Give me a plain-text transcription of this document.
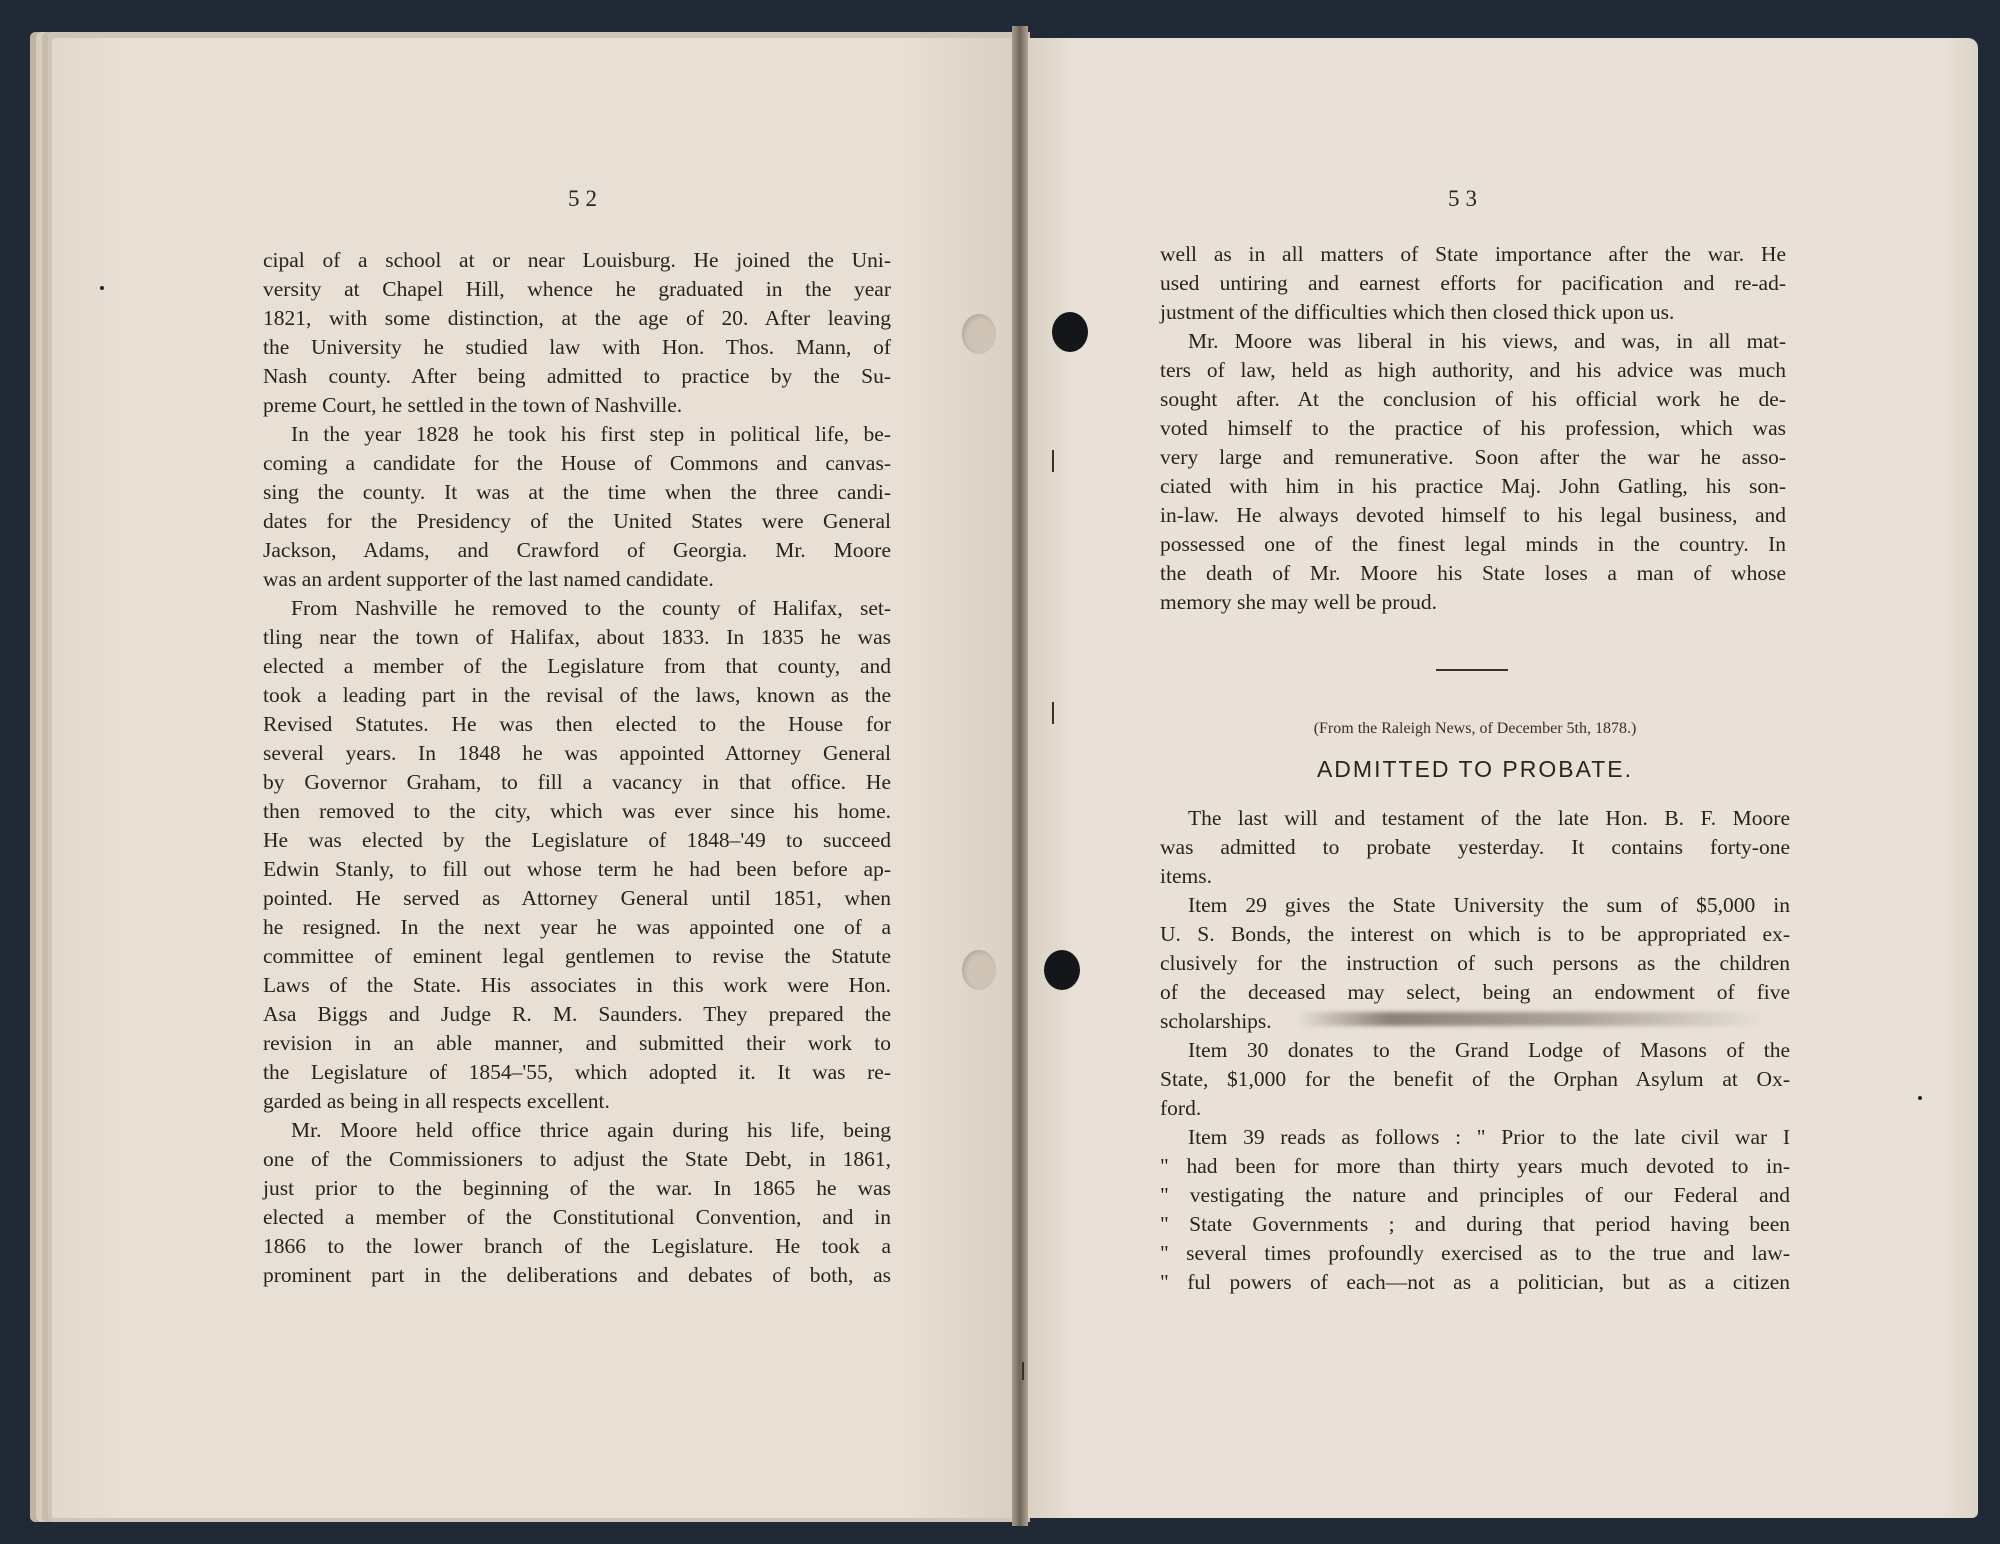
52	53
cipal of a school at or near Louisburg. He joined the Uni-
versity at Chapel Hill, whence he graduated in the year
1821, with some distinction, at the age of 20. After leaving
the University he studied law with Hon. Thos. Mann, of
Nash county. After being admitted to practice by the Su-
preme Court, he settled in the town of Nashville.
In the year 1828 he took his first step in political life, be-
coming a candidate for the House of Commons and canvas-
sing the county. It was at the time when the three candi-
dates for the Presidency of the United States were General
Jackson, Adams, and Crawford of Georgia. Mr. Moore
was an ardent supporter of the last named candidate.
From Nashville he removed to the county of Halifax, set-
tling near the town of Halifax, about 1833. In 1835 he was
elected a member of the Legislature from that county, and
took a leading part in the revisal of the laws, known as the
Revised Statutes. He was then elected to the House for
several years. In 1848 he was appointed Attorney General
by Governor Graham, to fill a vacancy in that office. He
then removed to the city, which was ever since his home.
He was elected by the Legislature of 1848–'49 to succeed
Edwin Stanly, to fill out whose term he had been before ap-
pointed. He served as Attorney General until 1851, when
he resigned. In the next year he was appointed one of a
committee of eminent legal gentlemen to revise the Statute
Laws of the State. His associates in this work were Hon.
Asa Biggs and Judge R. M. Saunders. They prepared the
revision in an able manner, and submitted their work to
the Legislature of 1854–'55, which adopted it. It was re-
garded as being in all respects excellent.
Mr. Moore held office thrice again during his life, being
one of the Commissioners to adjust the State Debt, in 1861,
just prior to the beginning of the war. In 1865 he was
elected a member of the Constitutional Convention, and in
1866 to the lower branch of the Legislature. He took a
prominent part in the deliberations and debates of both, as
well as in all matters of State importance after the war. He
used untiring and earnest efforts for pacification and re-ad-
justment of the difficulties which then closed thick upon us.
Mr. Moore was liberal in his views, and was, in all mat-
ters of law, held as high authority, and his advice was much
sought after. At the conclusion of his official work he de-
voted himself to the practice of his profession, which was
very large and remunerative. Soon after the war he asso-
ciated with him in his practice Maj. John Gatling, his son-
in-law. He always devoted himself to his legal business, and
possessed one of the finest legal minds in the country. In
the death of Mr. Moore his State loses a man of whose
memory she may well be proud.
(From the Raleigh News, of December 5th, 1878.)
ADMITTED TO PROBATE.
The last will and testament of the late Hon. B. F. Moore
was admitted to probate yesterday. It contains forty-one
items.
Item 29 gives the State University the sum of $5,000 in
U. S. Bonds, the interest on which is to be appropriated ex-
clusively for the instruction of such persons as the children
of the deceased may select, being an endowment of five
scholarships.
Item 30 donates to the Grand Lodge of Masons of the
State, $1,000 for the benefit of the Orphan Asylum at Ox-
ford.
Item 39 reads as follows : " Prior to the late civil war I
" had been for more than thirty years much devoted to in-
" vestigating the nature and principles of our Federal and
" State Governments ; and during that period having been
" several times profoundly exercised as to the true and law-
" ful powers of each—not as a politician, but as a citizen
